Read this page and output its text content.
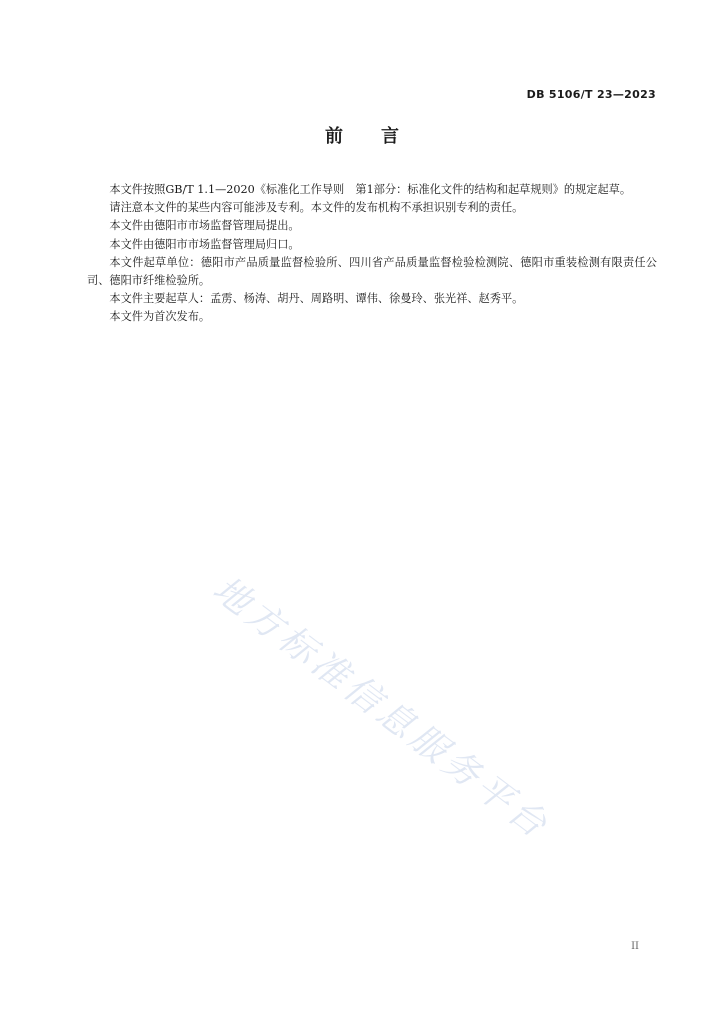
DB 5106/T 23—2023
前言

本文件按照GB/T 1.1—2020《标准化工作导则　第1部分：标准化文件的结构和起草规则》的规定起草。

请注意本文件的某些内容可能涉及专利。本文件的发布机构不承担识别专利的责任。

本文件由德阳市市场监督管理局提出。

本文件由德阳市市场监督管理局归口。

本文件起草单位：德阳市产品质量监督检验所、四川省产品质量监督检验检测院、德阳市重装检测有限责任公司、德阳市纤维检验所。

本文件主要起草人：孟雳、杨涛、胡丹、周路明、谭伟、徐曼玲、张光祥、赵秀平。

本文件为首次发布。

地方标准信息服务平台
II
